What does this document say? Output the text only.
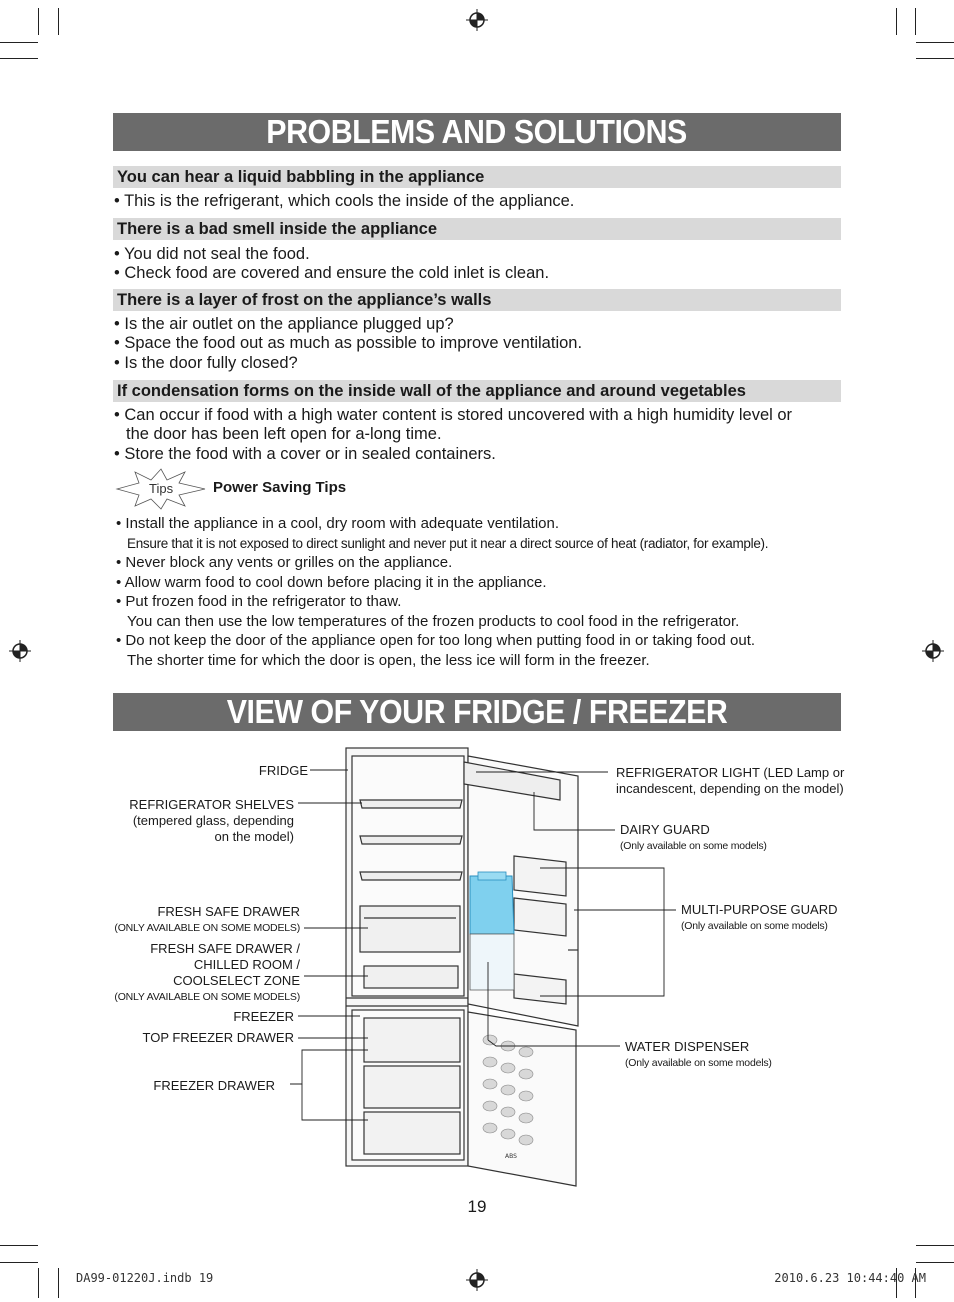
PROBLEMS AND SOLUTIONS
You can hear a liquid babbling in the appliance
• This is the refrigerant, which cools the inside of the appliance.
There is a bad smell inside the appliance
• You did not seal the food.
• Check food are covered and ensure the cold inlet is clean.
There is a layer of frost on the appliance’s walls
• Is the air outlet on the appliance plugged up?
• Space the food out as much as possible to improve ventilation.
• Is the door fully closed?
If condensation forms on the inside wall of the appliance and around vegetables
• Can occur if food with a high water content is stored uncovered with a high humidity level or
the door has been left open for a-long time.
• Store the food with a cover or in sealed containers.
Tips	Power Saving Tips
• Install the appliance in a cool, dry room with adequate ventilation.
Ensure that it is not exposed to direct sunlight and never put it near a direct source of heat (radiator, for example).
• Never block any vents or grilles on the appliance.
• Allow warm food to cool down before placing it in the appliance.
• Put frozen food in the refrigerator to thaw.
You can then use the low temperatures of the frozen products to cool food in the refrigerator.
• Do not keep the door of the appliance open for too long when putting food in or taking food out.
The shorter time for which the door is open, the less ice will form in the freezer.
VIEW OF YOUR FRIDGE / FREEZER
ABS
FRIDGE
REFRIGERATOR SHELVES
(tempered glass, depending
on the model)
FRESH SAFE DRAWER
(ONLY AVAILABLE ON SOME MODELS)
FRESH SAFE DRAWER /
CHILLED ROOM /
COOLSELECT ZONE
(ONLY AVAILABLE ON SOME MODELS)
FREEZER
TOP FREEZER DRAWER
FREEZER DRAWER
REFRIGERATOR LIGHT (LED Lamp or
incandescent, depending on the model)
DAIRY GUARD
(Only available on some models)
MULTI-PURPOSE GUARD
(Only available on some models)
WATER DISPENSER
(Only available on some models)
19
DA99-01220J.indb 19	2010.6.23 10:44:40 AM
